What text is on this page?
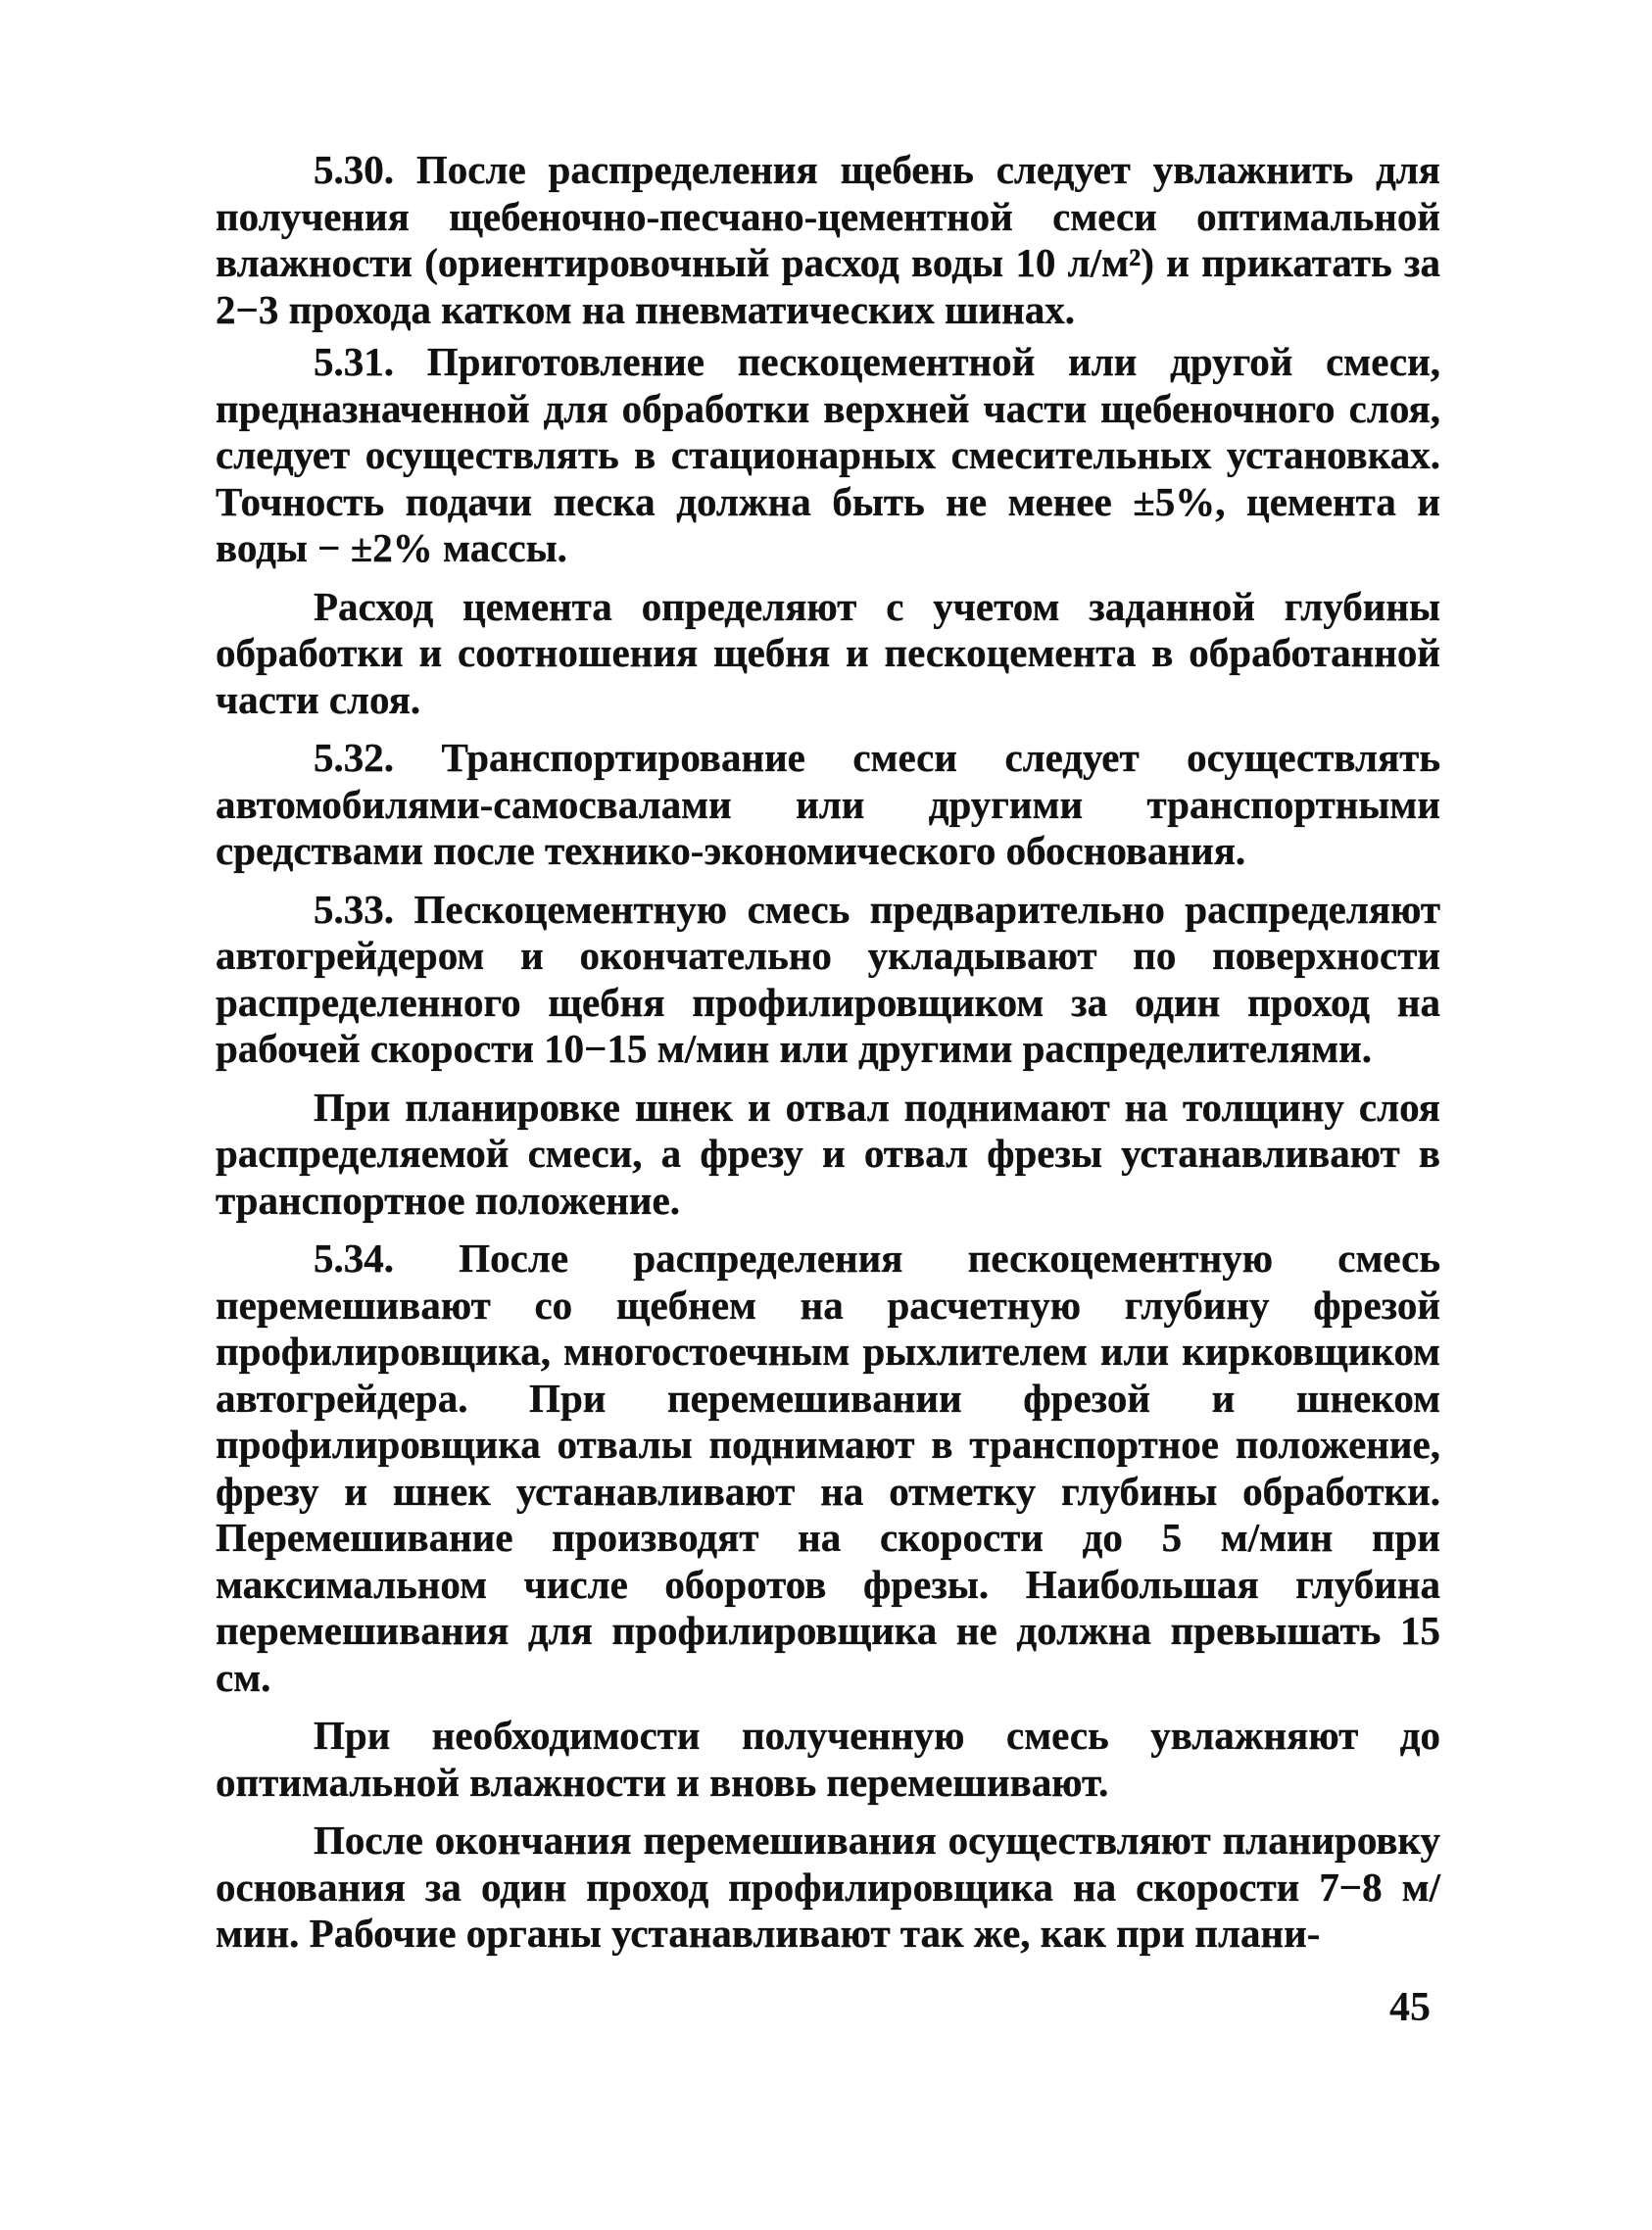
5.30. После распределения щебень следует увлажнить для получения щебеночно-песчано-цементной смеси оптимальной влажности (ориентировочный расход воды 10 л/м²) и прикатать за 2−3 прохода катком на пневматических шинах.

5.31. Приготовление пескоцементной или другой смеси, предназначенной для обработки верхней части щебеночного слоя, следует осуществлять в стационарных смесительных установках. Точность подачи песка должна быть не менее ±5%, цемента и воды − ±2% массы.

Расход цемента определяют с учетом заданной глубины обработки и соотношения щебня и пескоцемента в обработанной части слоя.

5.32. Транспортирование смеси следует осуществлять автомобилями-самосвалами или другими транспортными средствами после технико-экономического обоснования.

5.33. Пескоцементную смесь предварительно распределяют автогрейдером и окончательно укладывают по поверхности распределенного щебня профилировщиком за один проход на рабочей скорости 10−15 м/мин или другими распределителями.

При планировке шнек и отвал поднимают на толщину слоя распределяемой смеси, а фрезу и отвал фрезы устанавливают в транспортное положение.

5.34. После распределения пескоцементную смесь перемешивают со щебнем на расчетную глубину фрезой профилировщика, многостоечным рыхлителем или кирковщиком автогрейдера. При перемешивании фрезой и шнеком профилировщика отвалы поднимают в транспортное положение, фрезу и шнек устанавливают на отметку глубины обработки. Перемешивание производят на скорости до 5 м/мин при максимальном числе оборотов фрезы. Наибольшая глубина перемешивания для профилировщика не должна превышать 15 см.

При необходимости полученную смесь увлажняют до оптимальной влажности и вновь перемешивают.

После окончания перемешивания осуществляют планировку основания за один проход профилировщика на скорости 7−8 м/мин. Рабочие органы устанавливают так же, как при плани-

45
